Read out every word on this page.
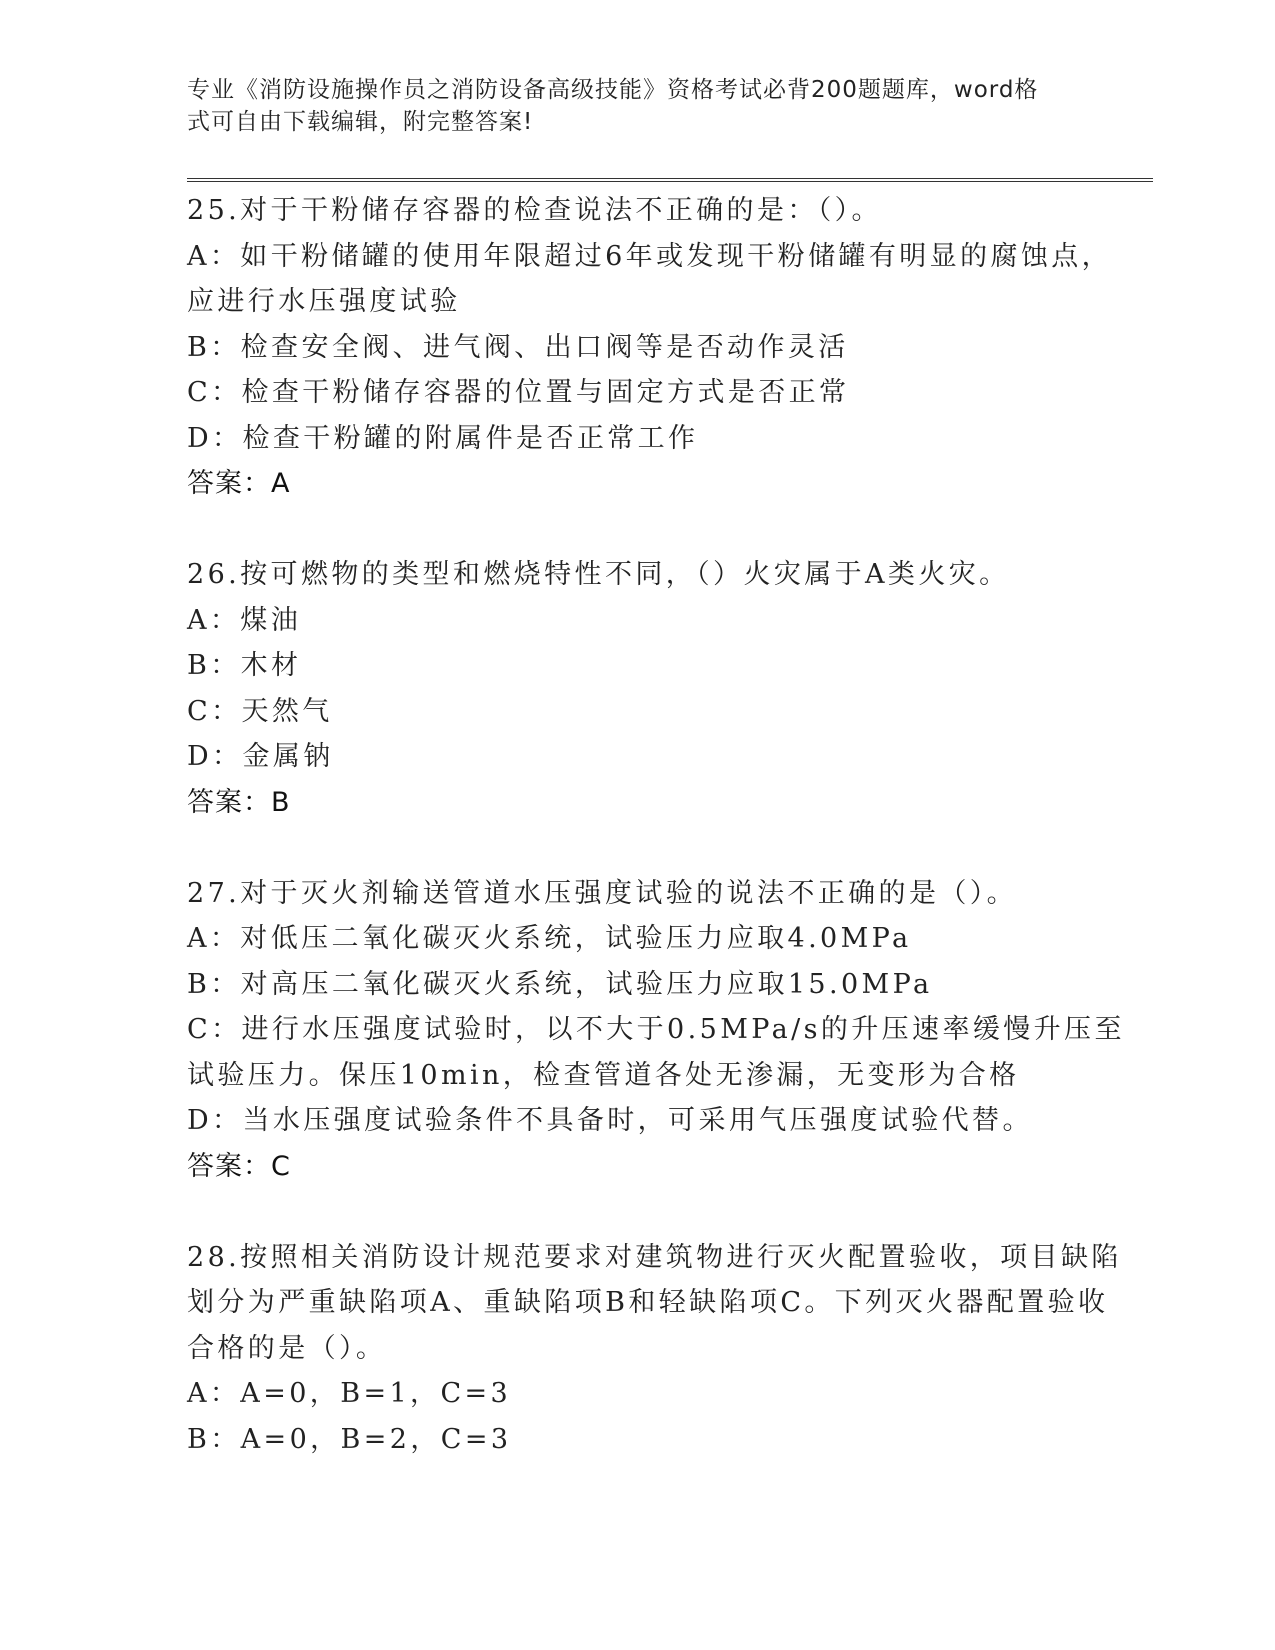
专业《消防设施操作员之消防设备高级技能》资格考试必背200题题库，word格
式可自由下载编辑，附完整答案!
25.对于干粉储存容器的检查说法不正确的是：（）。
A：如干粉储罐的使用年限超过6年或发现干粉储罐有明显的腐蚀点，
应进行水压强度试验
B：检查安全阀、进气阀、出口阀等是否动作灵活
C：检查干粉储存容器的位置与固定方式是否正常
D：检查干粉罐的附属件是否正常工作
答案：A
26.按可燃物的类型和燃烧特性不同，（）火灾属于A类火灾。
A：煤油
B：木材
C：天然气
D：金属钠
答案：B
27.对于灭火剂输送管道水压强度试验的说法不正确的是（）。
A：对低压二氧化碳灭火系统，试验压力应取4.0MPa
B：对高压二氧化碳灭火系统，试验压力应取15.0MPa
C：进行水压强度试验时，以不大于0.5MPa/s的升压速率缓慢升压至
试验压力。保压10min，检查管道各处无渗漏，无变形为合格
D：当水压强度试验条件不具备时，可采用气压强度试验代替。
答案：C
28.按照相关消防设计规范要求对建筑物进行灭火配置验收，项目缺陷
划分为严重缺陷项A、重缺陷项B和轻缺陷项C。下列灭火器配置验收
合格的是（）。
A：A=0，B=1，C=3
B：A=0，B=2，C=3
